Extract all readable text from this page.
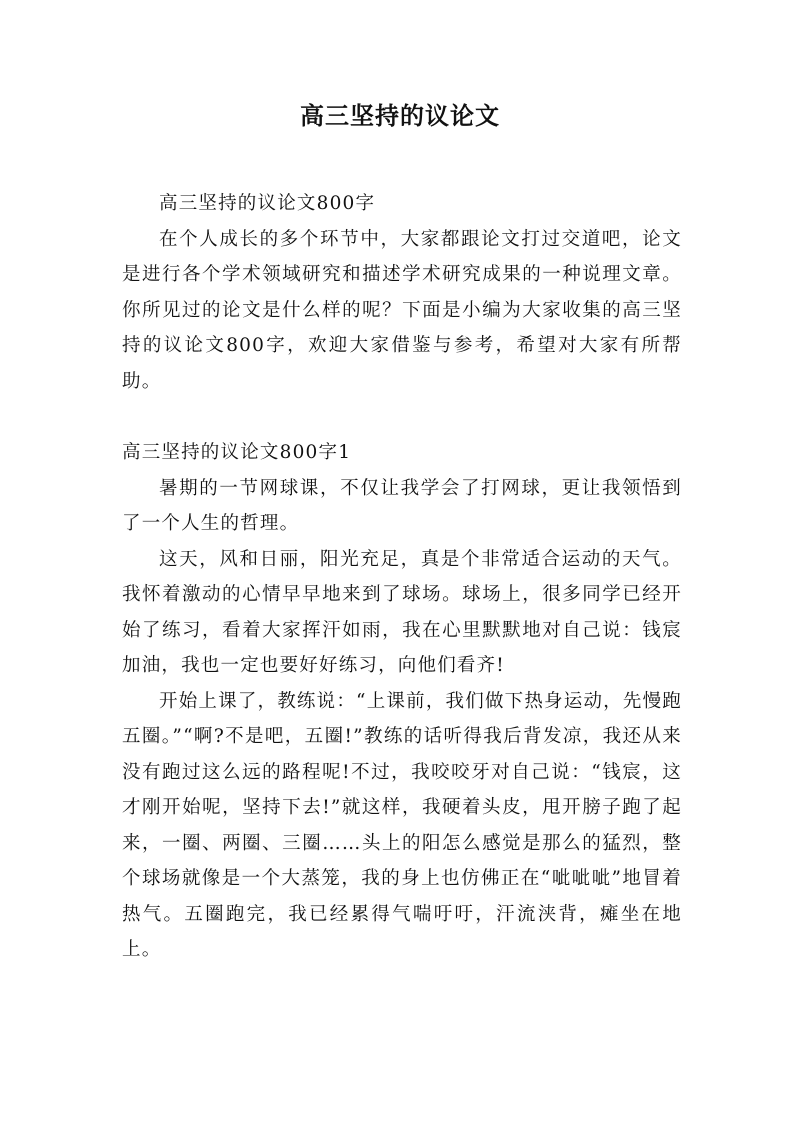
高三坚持的议论文

高三坚持的议论文800字

在个人成长的多个环节中，大家都跟论文打过交道吧，论文是进行各个学术领域研究和描述学术研究成果的一种说理文章。你所见过的论文是什么样的呢？下面是小编为大家收集的高三坚持的议论文800字，欢迎大家借鉴与参考，希望对大家有所帮助。

高三坚持的议论文800字1

暑期的一节网球课，不仅让我学会了打网球，更让我领悟到了一个人生的哲理。

这天，风和日丽，阳光充足，真是个非常适合运动的天气。我怀着激动的心情早早地来到了球场。球场上，很多同学已经开始了练习，看着大家挥汗如雨，我在心里默默地对自己说：钱宸加油，我也一定也要好好练习，向他们看齐!

开始上课了，教练说：“上课前，我们做下热身运动，先慢跑五圈。”“啊?不是吧，五圈!”教练的话听得我后背发凉，我还从来没有跑过这么远的路程呢!不过，我咬咬牙对自己说：“钱宸，这才刚开始呢，坚持下去!”就这样，我硬着头皮，甩开膀子跑了起来，一圈、两圈、三圈……头上的阳怎么感觉是那么的猛烈，整个球场就像是一个大蒸笼，我的身上也仿佛正在“呲呲呲”地冒着热气。五圈跑完，我已经累得气喘吁吁，汗流浃背，瘫坐在地上。
